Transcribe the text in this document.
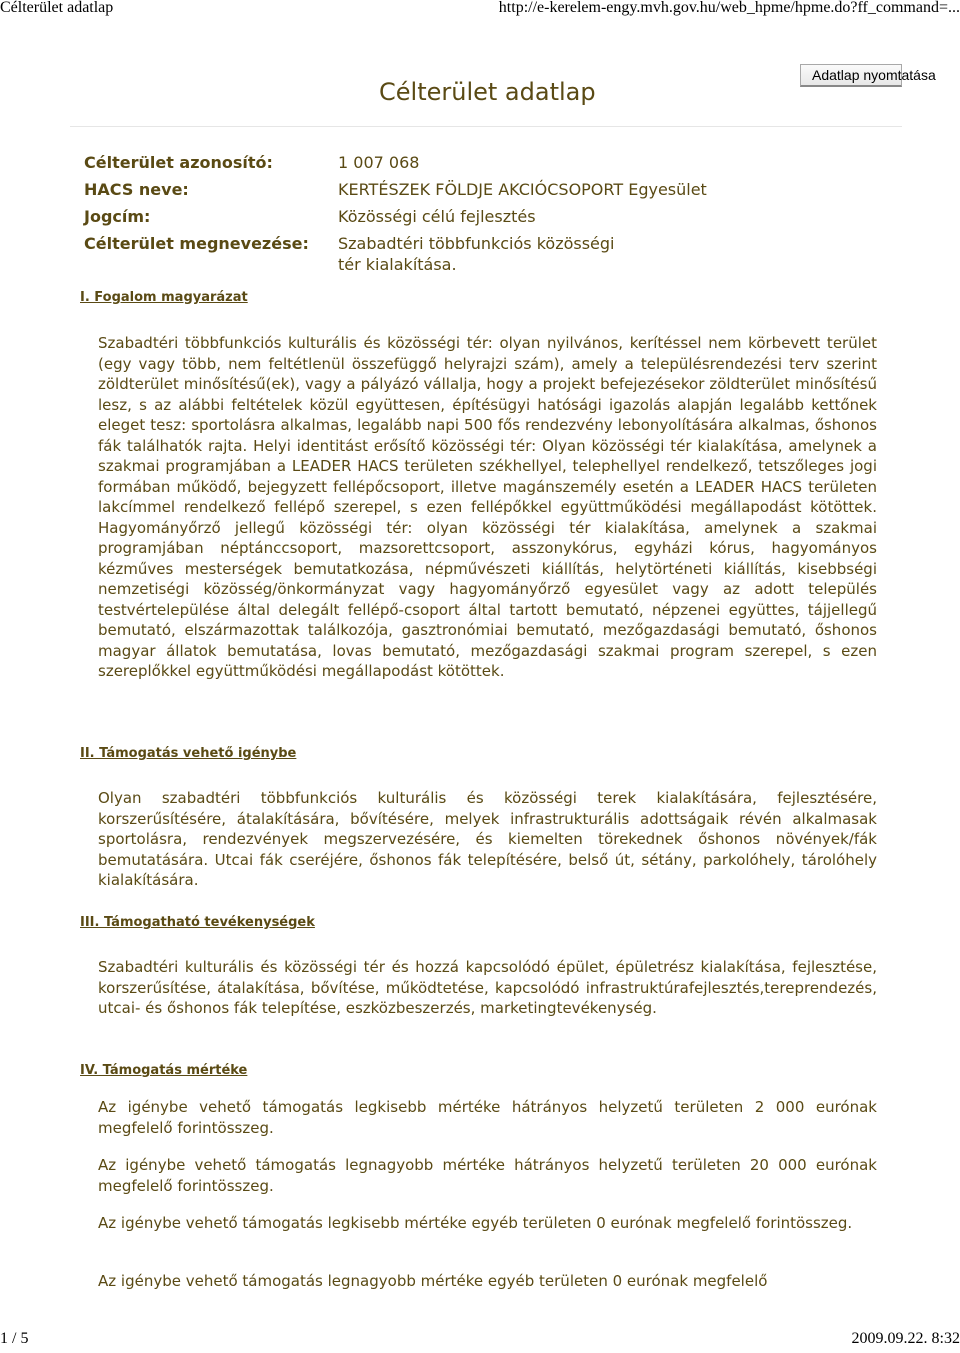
Célterület adatlap	http://e-kerelem-engy.mvh.gov.hu/web_hpme/hpme.do?ff_command=...
Célterület adatlap
Adatlap nyomtatása
Célterület azonosító:	1 007 068
HACS neve:	KERTÉSZEK FÖLDJE AKCIÓCSOPORT Egyesület
Jogcím:	Közösségi célú fejlesztés
Célterület megnevezése: Szabadtéri többfunkciós közösségi
tér kialakítása.
I. Fogalom magyarázat

Szabadtéri többfunkciós kulturális és közösségi tér: olyan nyilvános, kerítéssel nem körbevett terület (egy vagy több, nem feltétlenül összefüggő helyrajzi szám), amely a településrendezési terv szerint zöldterület minősítésű(ek), vagy a pályázó vállalja, hogy a projekt befejezésekor zöldterület minősítésű lesz, s az alábbi feltételek közül együttesen, építésügyi hatósági igazolás alapján legalább kettőnek eleget tesz: sportolásra alkalmas, legalább napi 500 fős rendezvény lebonyolítására alkalmas, őshonos fák találhatók rajta. Helyi identitást erősítő közösségi tér: Olyan közösségi tér kialakítása, amelynek a szakmai programjában a LEADER HACS területen székhellyel, telephellyel rendelkező, tetszőleges jogi formában működő, bejegyzett fellépőcsoport, illetve magánszemély esetén a LEADER HACS területen lakcímmel rendelkező fellépő szerepel, s ezen fellépőkkel együttműködési megállapodást kötöttek. Hagyományőrző jellegű közösségi tér: olyan közösségi tér kialakítása, amelynek a szakmai programjában néptánccsoport, mazsorettcsoport, asszonykórus, egyházi kórus, hagyományos kézműves mesterségek bemutatkozása, népművészeti kiállítás, helytörténeti kiállítás, kisebbségi nemzetiségi közösség/önkormányzat vagy hagyományőrző egyesület vagy az adott település testvértelepülése által delegált fellépő-csoport által tartott bemutató, népzenei együttes, tájjellegű bemutató, elszármazottak találkozója, gasztronómiai bemutató, mezőgazdasági bemutató, őshonos magyar állatok bemutatása, lovas bemutató, mezőgazdasági szakmai program szerepel, s ezen szereplőkkel együttműködési megállapodást kötöttek.

II. Támogatás vehető igénybe

Olyan szabadtéri többfunkciós kulturális és közösségi terek kialakítására, fejlesztésére, korszerűsítésére, átalakítására, bővítésére, melyek infrastrukturális adottságaik révén alkalmasak sportolásra, rendezvények megszervezésére, és kiemelten törekednek őshonos növények/fák bemutatására. Utcai fák cseréjére, őshonos fák telepítésére, belső út, sétány, parkolóhely, tárolóhely kialakítására.

III. Támogatható tevékenységek

Szabadtéri kulturális és közösségi tér és hozzá kapcsolódó épület, épületrész kialakítása, fejlesztése, korszerűsítése, átalakítása, bővítése, működtetése, kapcsolódó infrastruktúrafejlesztés,tereprendezés, utcai- és őshonos fák telepítése, eszközbeszerzés, marketingtevékenység.

IV. Támogatás mértéke

Az igénybe vehető támogatás legkisebb mértéke hátrányos helyzetű területen 2 000 eurónak megfelelő forintösszeg.

Az igénybe vehető támogatás legnagyobb mértéke hátrányos helyzetű területen 20 000 eurónak megfelelő forintösszeg.

Az igénybe vehető támogatás legkisebb mértéke egyéb területen 0 eurónak megfelelő forintösszeg.

Az igénybe vehető támogatás legnagyobb mértéke egyéb területen 0 eurónak megfelelő

1 / 5	2009.09.22. 8:32
